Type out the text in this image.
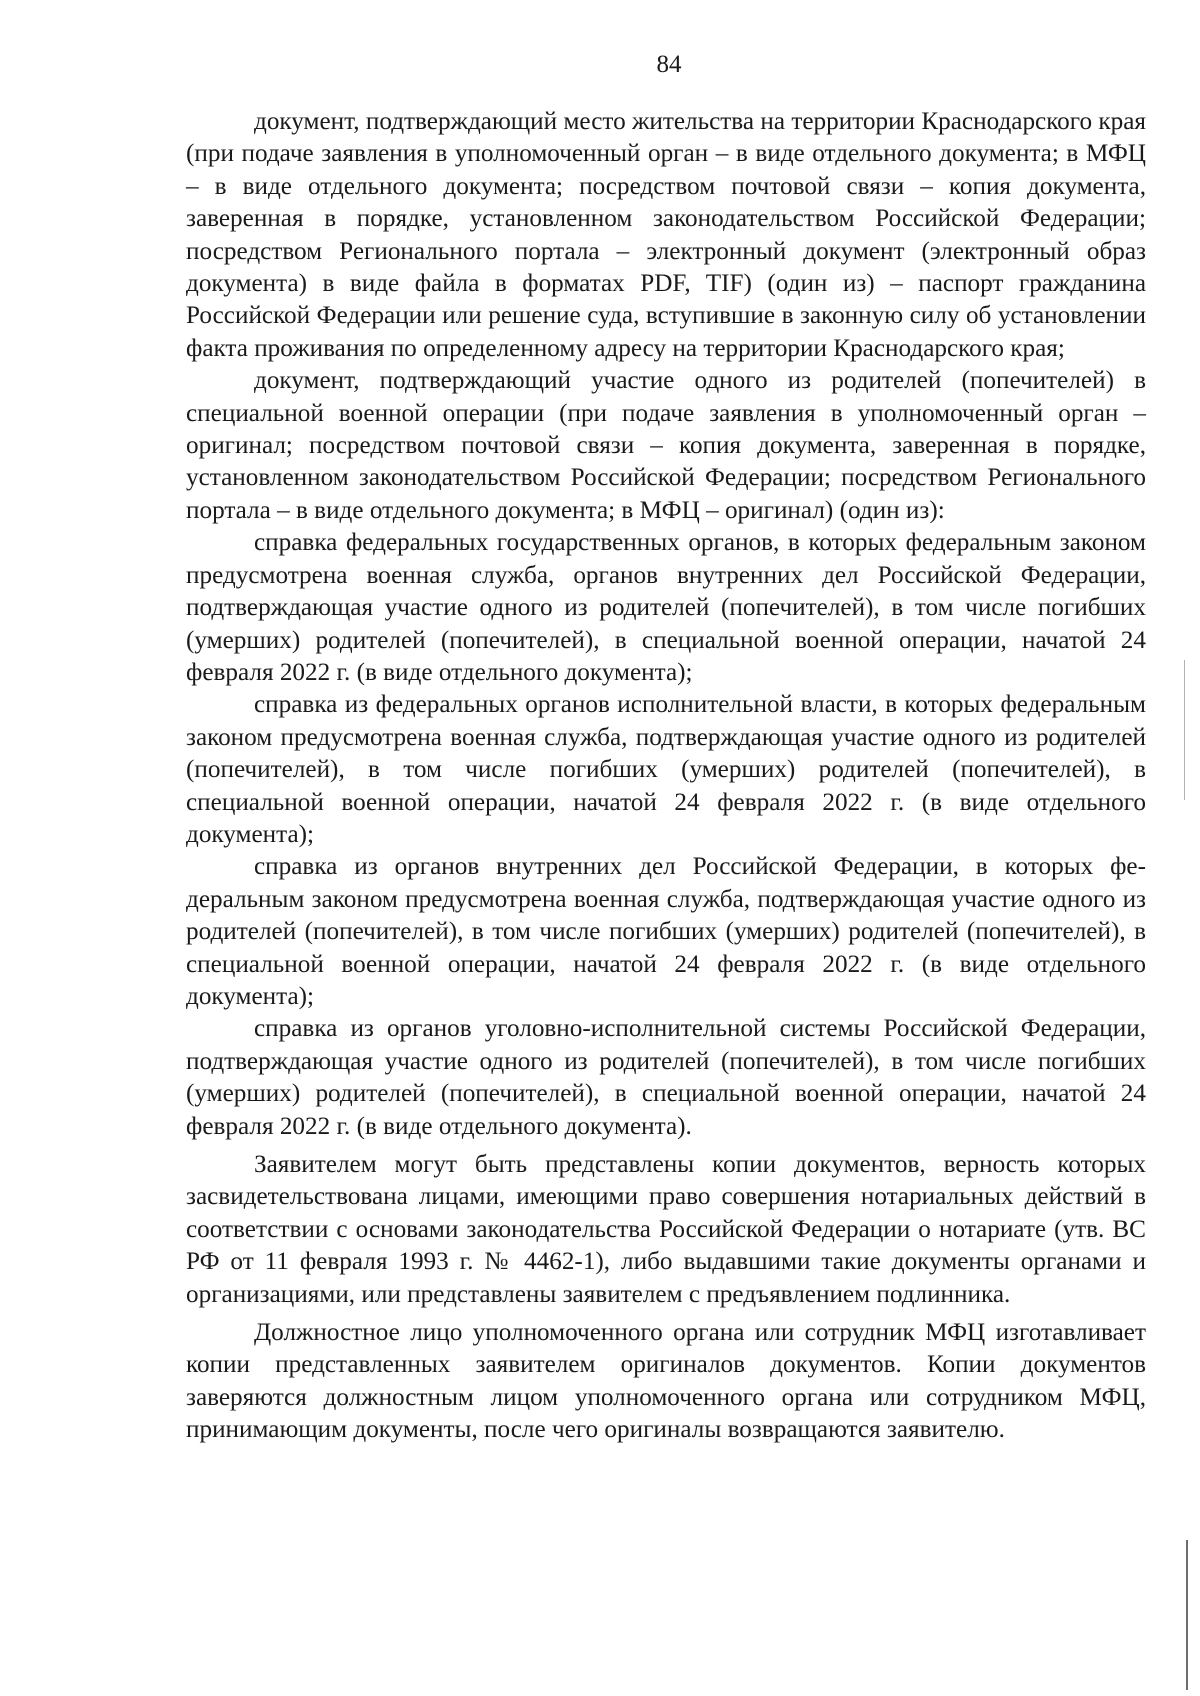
84

документ, подтверждающий место жительства на территории Краснодарского края (при подаче заявления в уполномоченный орган – в виде отдельного документа; в МФЦ – в виде отдельного документа; посредством почтовой связи – копия документа, заверенная в порядке, установленном законодательством Российской Федерации; посредством Регионального портала – электронный документ (электронный образ документа) в виде файла в форматах PDF, TIF) (один из) – паспорт гражданина Российской Федерации или решение суда, вступившие в законную силу об установлении факта проживания по определенному адресу на территории Краснодарского края;

документ, подтверждающий участие одного из родителей (попечителей) в специальной военной операции (при подаче заявления в уполномоченный орган – оригинал; посредством почтовой связи – копия документа, заверенная в порядке, установленном законодательством Российской Федерации; посредством Регионального портала – в виде отдельного документа; в МФЦ – оригинал) (один из):

справка федеральных государственных органов, в которых федеральным законом предусмотрена военная служба, органов внутренних дел Российской Федерации, подтверждающая участие одного из родителей (попечителей), в том числе погибших (умерших) родителей (попечителей), в специальной военной операции, начатой 24 февраля 2022 г. (в виде отдельного документа);

справка из федеральных органов исполнительной власти, в которых федеральным законом предусмотрена военная служба, подтверждающая участие одного из родителей (попечителей), в том числе погибших (умерших) родителей (попечителей), в специальной военной операции, начатой 24 февраля 2022 г. (в виде отдельного документа);

справка из органов внутренних дел Российской Федерации, в которых федеральным законом предусмотрена военная служба, подтверждающая участие одного из родителей (попечителей), в том числе погибших (умерших) родителей (попечителей), в специальной военной операции, начатой 24 февраля 2022 г. (в виде отдельного документа);

справка из органов уголовно-исполнительной системы Российской Федерации, подтверждающая участие одного из родителей (попечителей), в том числе погибших (умерших) родителей (попечителей), в специальной военной операции, начатой 24 февраля 2022 г. (в виде отдельного документа).

Заявителем могут быть представлены копии документов, верность которых засвидетельствована лицами, имеющими право совершения нотариальных действий в соответствии с основами законодательства Российской Федерации о нотариате (утв. ВС РФ от 11 февраля 1993 г. № 4462-1), либо выдавшими такие документы органами и организациями, или представлены заявителем с предъявлением подлинника.

Должностное лицо уполномоченного органа или сотрудник МФЦ изготавливает копии представленных заявителем оригиналов документов. Копии документов заверяются должностным лицом уполномоченного органа или сотрудником МФЦ, принимающим документы, после чего оригиналы возвращаются заявителю.
